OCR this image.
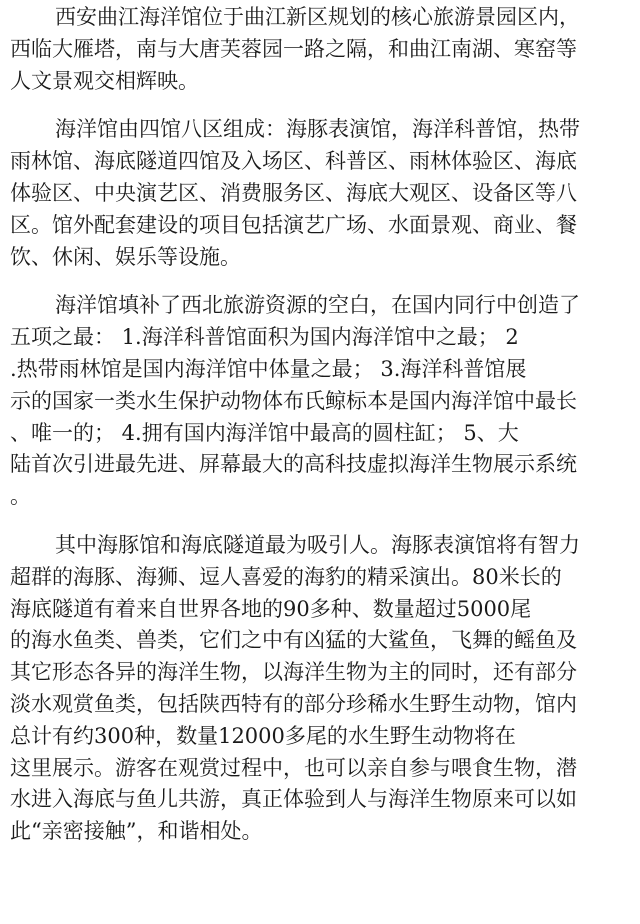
西安曲江海洋馆位于曲江新区规划的核心旅游景园区内，
西临大雁塔，南与大唐芙蓉园一路之隔，和曲江南湖、寒窑等
人文景观交相辉映。
海洋馆由四馆八区组成：海豚表演馆，海洋科普馆，热带
雨林馆、海底隧道四馆及入场区、科普区、雨林体验区、海底
体验区、中央演艺区、消费服务区、海底大观区、设备区等八
区。馆外配套建设的项目包括演艺广场、水面景观、商业、餐
饮、休闲、娱乐等设施。
海洋馆填补了西北旅游资源的空白，在国内同行中创造了
五项之最： 1.海洋科普馆面积为国内海洋馆中之最； 2
.热带雨林馆是国内海洋馆中体量之最； 3.海洋科普馆展
示的国家一类水生保护动物体布氏鲸标本是国内海洋馆中最长
、唯一的； 4.拥有国内海洋馆中最高的圆柱缸； 5、大
陆首次引进最先进、屏幕最大的高科技虚拟海洋生物展示系统
。
其中海豚馆和海底隧道最为吸引人。海豚表演馆将有智力
超群的海豚、海狮、逗人喜爱的海豹的精采演出。80米长的
海底隧道有着来自世界各地的90多种、数量超过5000尾
的海水鱼类、兽类，它们之中有凶猛的大鲨鱼，飞舞的鳐鱼及
其它形态各异的海洋生物，以海洋生物为主的同时，还有部分
淡水观赏鱼类，包括陕西特有的部分珍稀水生野生动物，馆内
总计有约300种，数量12000多尾的水生野生动物将在
这里展示。游客在观赏过程中，也可以亲自参与喂食生物，潜
水进入海底与鱼儿共游，真正体验到人与海洋生物原来可以如
此“亲密接触”，和谐相处。
